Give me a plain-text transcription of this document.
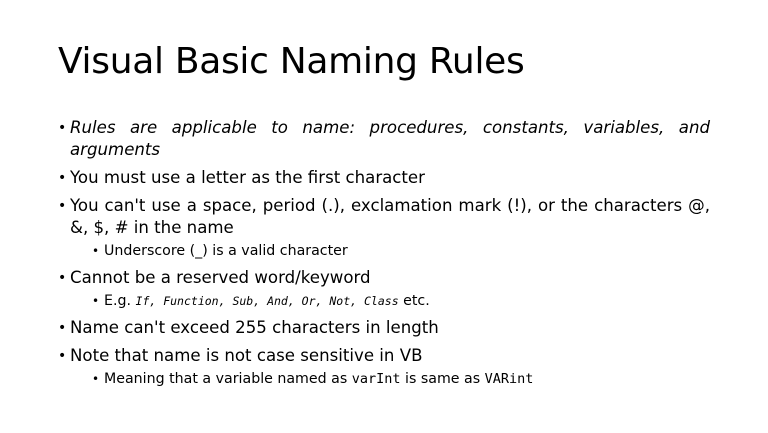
Visual Basic Naming Rules
• Rules are applicable to name: procedures, constants, variables, and arguments
• You must use a letter as the first character
• You can't use a space, period (.), exclamation mark (!), or the characters @, &, $, # in the name
• Underscore (_) is a valid character
• Cannot be a reserved word/keyword
• E.g. If, Function, Sub, And, Or, Not, Class etc.
• Name can't exceed 255 characters in length
• Note that name is not case sensitive in VB
• Meaning that a variable named as varInt is same as VARint
